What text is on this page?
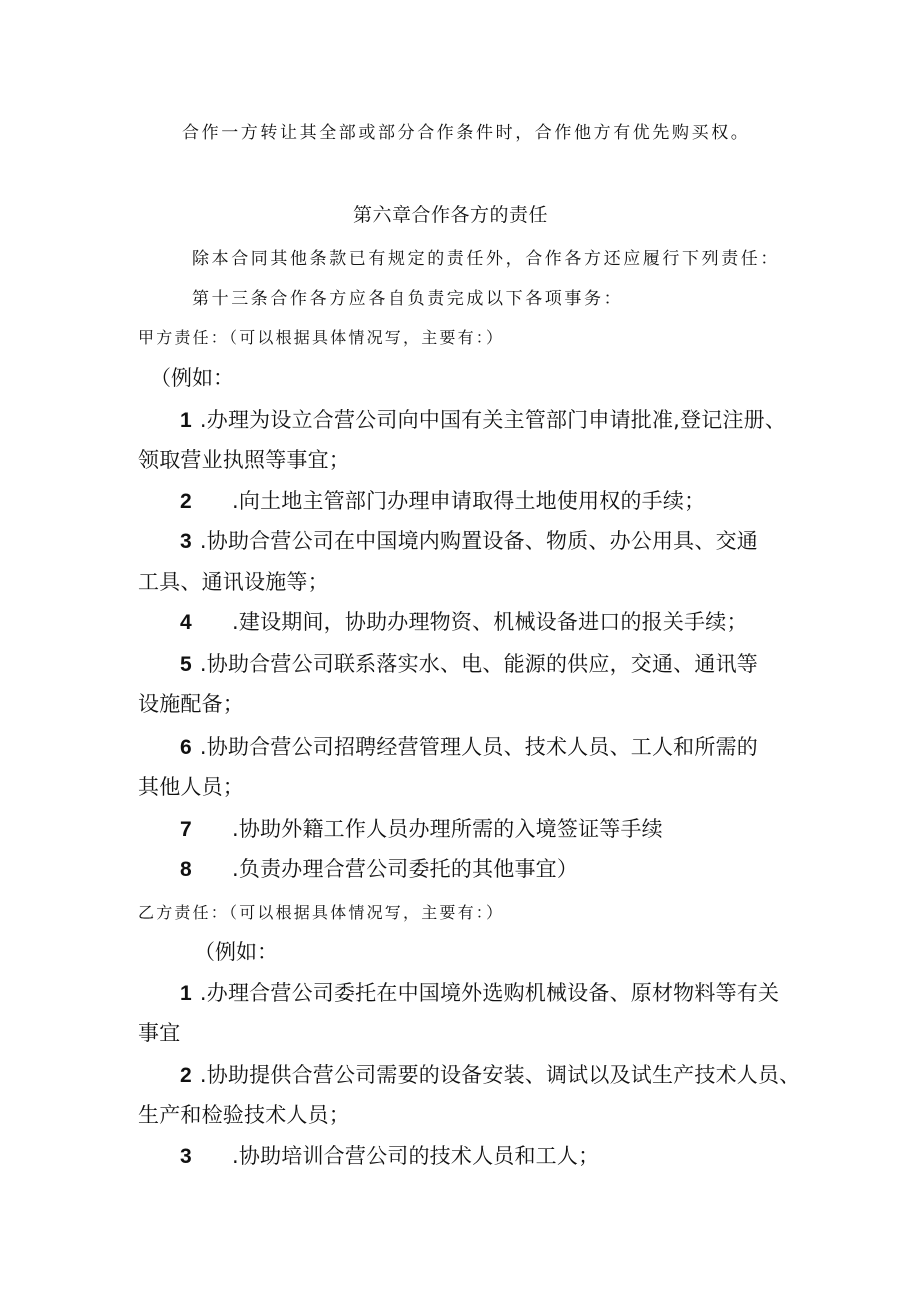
合作一方转让其全部或部分合作条件时，合作他方有优先购买权。
第六章合作各方的责任
除本合同其他条款已有规定的责任外，合作各方还应履行下列责任：
第十三条合作各方应各自负责完成以下各项事务：
甲方责任：（可以根据具体情况写，主要有：）
（例如：
1 .办理为设立合营公司向中国有关主管部门申请批准,登记注册、
领取营业执照等事宜；
2 .向土地主管部门办理申请取得土地使用权的手续；
3 .协助合营公司在中国境内购置设备、物质、办公用具、交通
工具、通讯设施等；
4 .建设期间，协助办理物资、机械设备进口的报关手续；
5 .协助合营公司联系落实水、电、能源的供应，交通、通讯等
设施配备；
6 .协助合营公司招聘经营管理人员、技术人员、工人和所需的
其他人员；
7 .协助外籍工作人员办理所需的入境签证等手续
8 .负责办理合营公司委托的其他事宜）
乙方责任：（可以根据具体情况写，主要有：）
（例如：
1 .办理合营公司委托在中国境外选购机械设备、原材物料等有关
事宜
2 .协助提供合营公司需要的设备安装、调试以及试生产技术人员、
生产和检验技术人员；
3 .协助培训合营公司的技术人员和工人；
